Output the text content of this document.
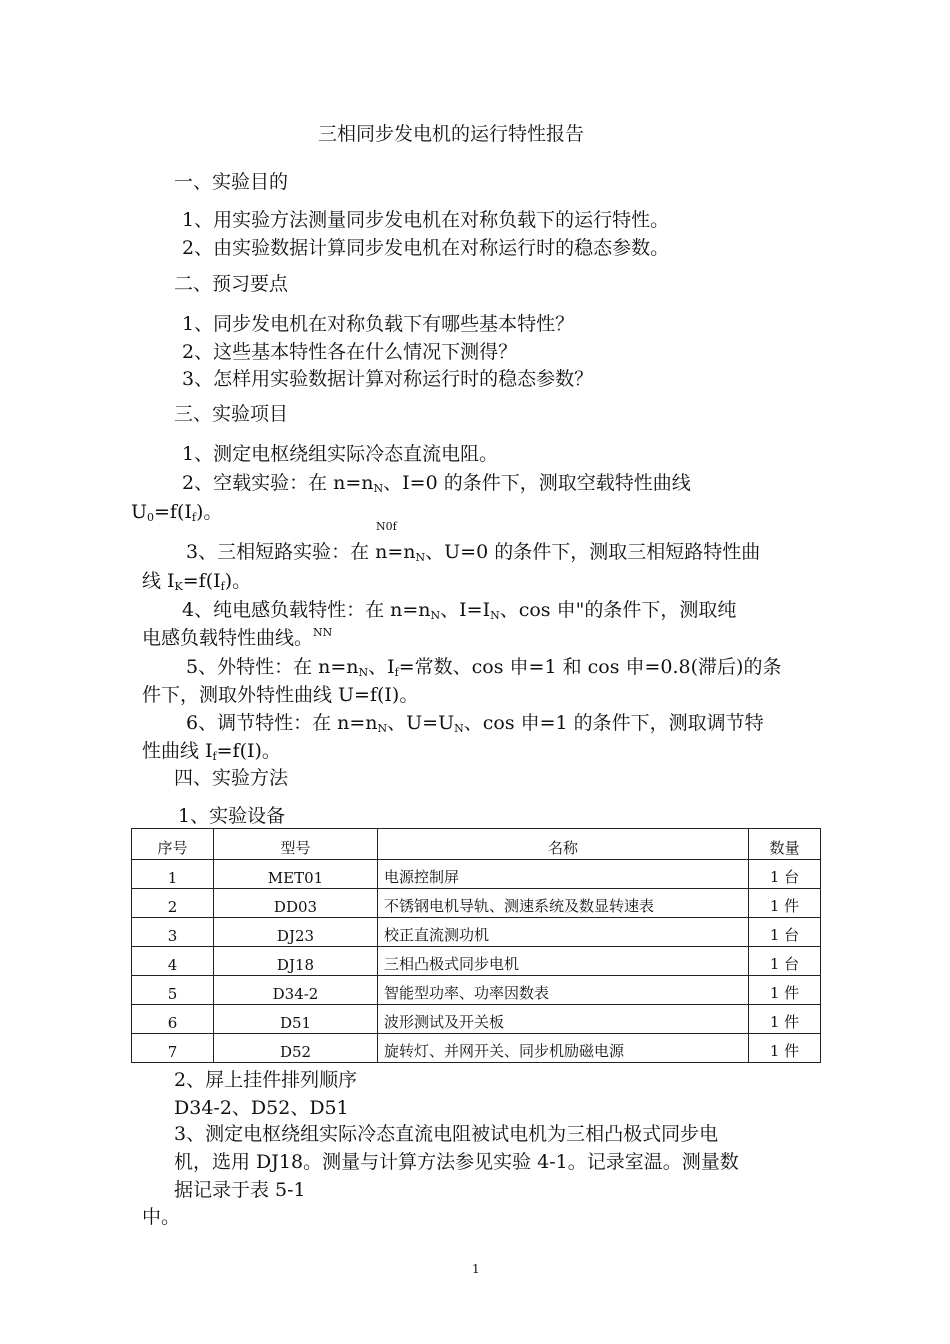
三相同步发电机的运行特性报告
一、实验目的
1、用实验方法测量同步发电机在对称负载下的运行特性。
2、由实验数据计算同步发电机在对称运行时的稳态参数。
二、预习要点
1、同步发电机在对称负载下有哪些基本特性？
2、这些基本特性各在什么情况下测得？
3、怎样用实验数据计算对称运行时的稳态参数？
三、实验项目
1、测定电枢绕组实际冷态直流电阻。
2、空载实验：在 $n=n_N$、I=0 的条件下，测取空载特性曲线
$U_0=f(I_f)$。
N0f
3、三相短路实验：在 $n=n_N$、U=0 的条件下，测取三相短路特性曲
线 $I_K=f(I_f)$。
4、纯电感负载特性：在 $n=n_N$、$I=I_N$、cos 申"的条件下，测取纯
电感负载特性曲线。$^{NN}$
5、外特性：在 $n=n_N$、$I_f=$常数、cos 申=1 和 cos 申=0.8(滞后)的条
件下，测取外特性曲线 U=f(I)。
6、调节特性：在 $n=n_N$、$U=U_N$、cos 申=1 的条件下，测取调节特
性曲线 $I_f=f(I)$。
四、实验方法
1、实验设备
序号	型号	名称	数量

1	MET01	电源控制屏	1 台

2	DD03	不锈钢电机导轨、测速系统及数显转速表	1 件

3	DJ23	校正直流测功机	1 台

4	DJ18	三相凸极式同步电机	1 台

5	D34-2	智能型功率、功率因数表	1 件

6	D51	波形测试及开关板	1 件

7	D52	旋转灯、并网开关、同步机励磁电源	1 件
2、屏上挂件排列顺序
D34-2、D52、D51
3、测定电枢绕组实际冷态直流电阻被试电机为三相凸极式同步电
机，选用 DJ18。测量与计算方法参见实验 4-1。记录室温。测量数
据记录于表 5-1
中。
1
